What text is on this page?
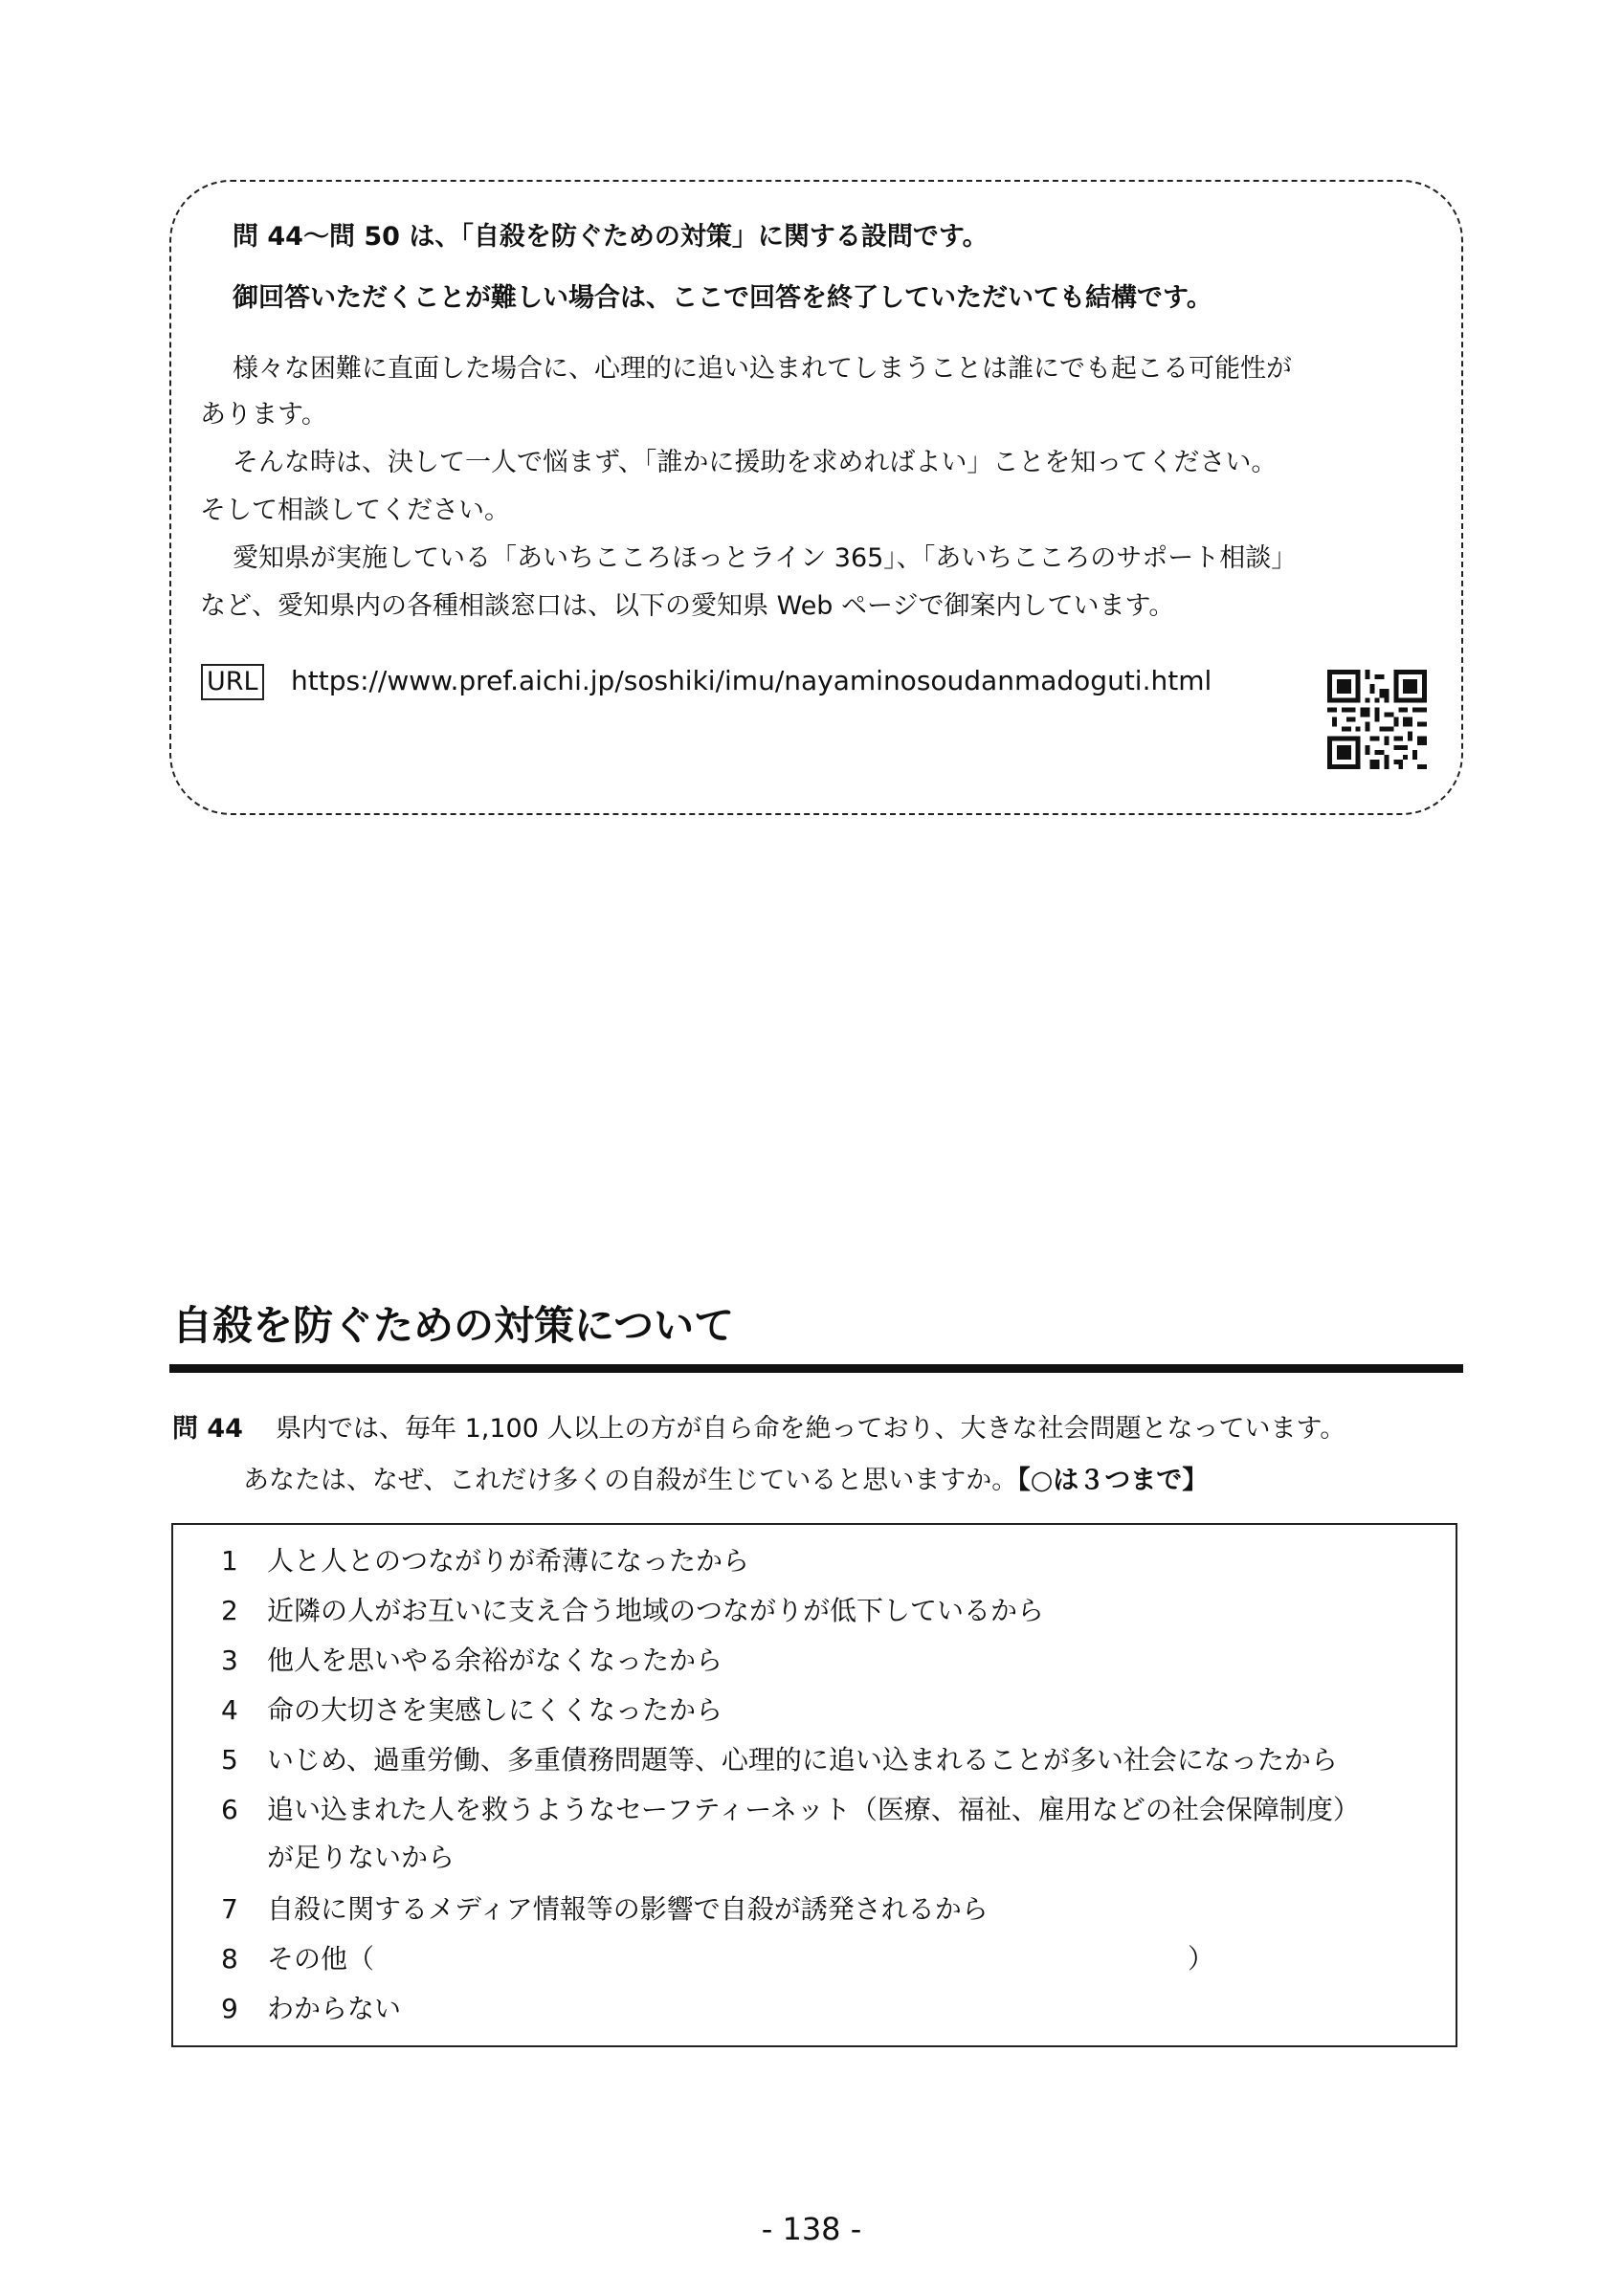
問 44～問 50 は、「自殺を防ぐための対策」に関する設問です。
御回答いただくことが難しい場合は、ここで回答を終了していただいても結構です。
様々な困難に直面した場合に、心理的に追い込まれてしまうことは誰にでも起こる可能性が
あります。
そんな時は、決して一人で悩まず、「誰かに援助を求めればよい」ことを知ってください。
そして相談してください。
愛知県が実施している「あいちこころほっとライン 365」、「あいちこころのサポート相談」
など、愛知県内の各種相談窓口は、以下の愛知県 Web ページで御案内しています。
URL https://www.pref.aichi.jp/soshiki/imu/nayaminosoudanmadoguti.html
自殺を防ぐための対策について
問 44 県内では、毎年 1,100 人以上の方が自ら命を絶っており、大きな社会問題となっています。
あなたは、なぜ、これだけ多くの自殺が生じていると思いますか。【○は３つまで】
1 人と人とのつながりが希薄になったから
2 近隣の人がお互いに支え合う地域のつながりが低下しているから
3 他人を思いやる余裕がなくなったから
4 命の大切さを実感しにくくなったから
5 いじめ、過重労働、多重債務問題等、心理的に追い込まれることが多い社会になったから
6 追い込まれた人を救うようなセーフティーネット（医療、福祉、雇用などの社会保障制度）
が足りないから
7 自殺に関するメディア情報等の影響で自殺が誘発されるから
8 その他（	）
9 わからない
- 138 -
